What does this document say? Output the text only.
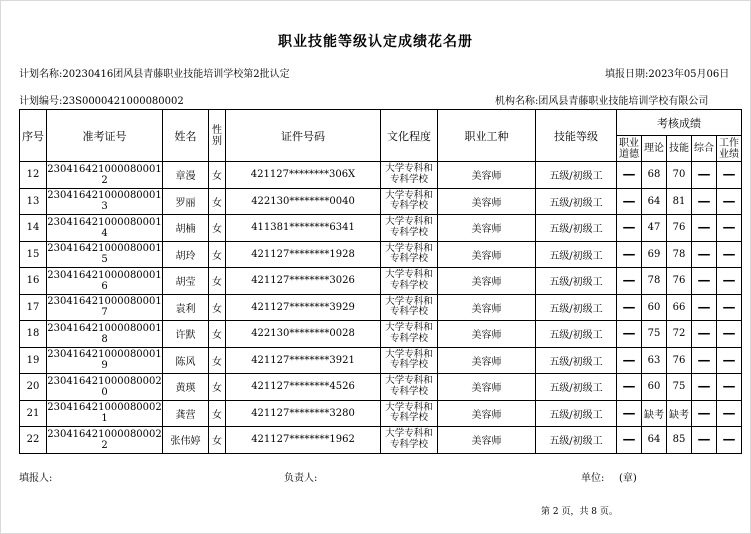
职业技能等级认定成绩花名册
计划名称:20230416团风县青藤职业技能培训学校第2批认定	填报日期:2023年05月06日
计划编号:23S000042100008000​2	机构名称:团风县青藤职业技能培训学校有限公司
序号	准考证号	姓名	性别	证件号码	文化程度	职业工种	技能等级	考核成绩				
								职业道德	理论	技能	综合	工作业绩
12	230416421000080001 2	章漫	女	421127********306X	大学专科和专科学校	美容师	五级/初级工	—	68	70	—	—
13	230416421000080001 3	罗丽	女	422130********0040	大学专科和专科学校	美容师	五级/初级工	—	64	81	—	—
14	230416421000080001 4	胡楠	女	411381********6341	大学专科和专科学校	美容师	五级/初级工	—	47	76	—	—
15	230416421000080001 5	胡玲	女	421127********1928	大学专科和专科学校	美容师	五级/初级工	—	69	78	—	—
16	230416421000080001 6	胡莹	女	421127********3026	大学专科和专科学校	美容师	五级/初级工	—	78	76	—	—
17	230416421000080001 7	袁利	女	421127********3929	大学专科和专科学校	美容师	五级/初级工	—	60	66	—	—
18	230416421000080001 8	许默	女	422130********0028	大学专科和专科学校	美容师	五级/初级工	—	75	72	—	—
19	230416421000080001 9	陈风	女	421127********3921	大学专科和专科学校	美容师	五级/初级工	—	63	76	—	—
20	230416421000080002 0	黄瑛	女	421127********4526	大学专科和专科学校	美容师	五级/初级工	—	60	75	—	—
21	230416421000080002 1	龚营	女	421127********3280	大学专科和专科学校	美容师	五级/初级工	—	缺考	缺考	—	—
22	230416421000080002 2	张伟婷	女	421127********1962	大学专科和专科学校	美容师	五级/初级工	—	64	85	—	—
填报人:	负责人:	单位: (章)
第 2 页，共 8 页。
